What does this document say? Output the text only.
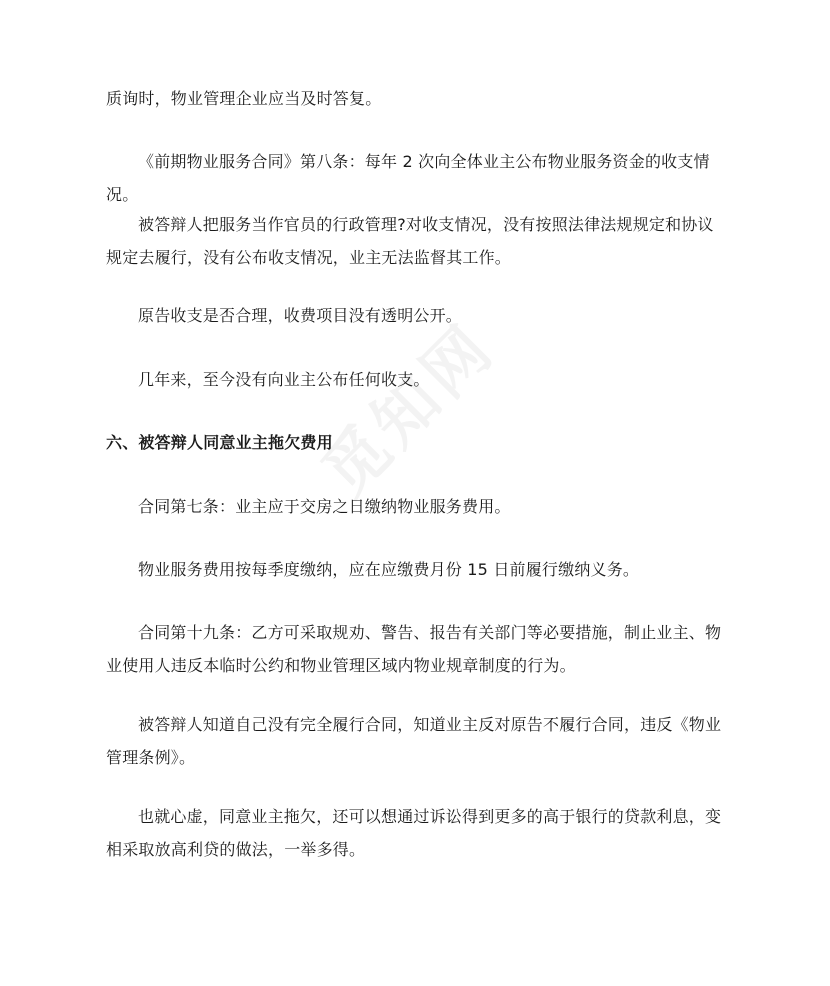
质询时，物业管理企业应当及时答复。

《前期物业服务合同》第八条：每年 2 次向全体业主公布物业服务资金的收支情况。

被答辩人把服务当作官员的行政管理?对收支情况，没有按照法律法规规定和协议规定去履行，没有公布收支情况，业主无法监督其工作。

原告收支是否合理，收费项目没有透明公开。

几年来，至今没有向业主公布任何收支。

六、被答辩人同意业主拖欠费用

合同第七条：业主应于交房之日缴纳物业服务费用。

物业服务费用按每季度缴纳，应在应缴费月份 15 日前履行缴纳义务。

合同第十九条：乙方可采取规劝、警告、报告有关部门等必要措施，制止业主、物业使用人违反本临时公约和物业管理区域内物业规章制度的行为。

被答辩人知道自己没有完全履行合同，知道业主反对原告不履行合同，违反《物业管理条例》。

也就心虚，同意业主拖欠，还可以想通过诉讼得到更多的高于银行的贷款利息，变相采取放高利贷的做法，一举多得。
